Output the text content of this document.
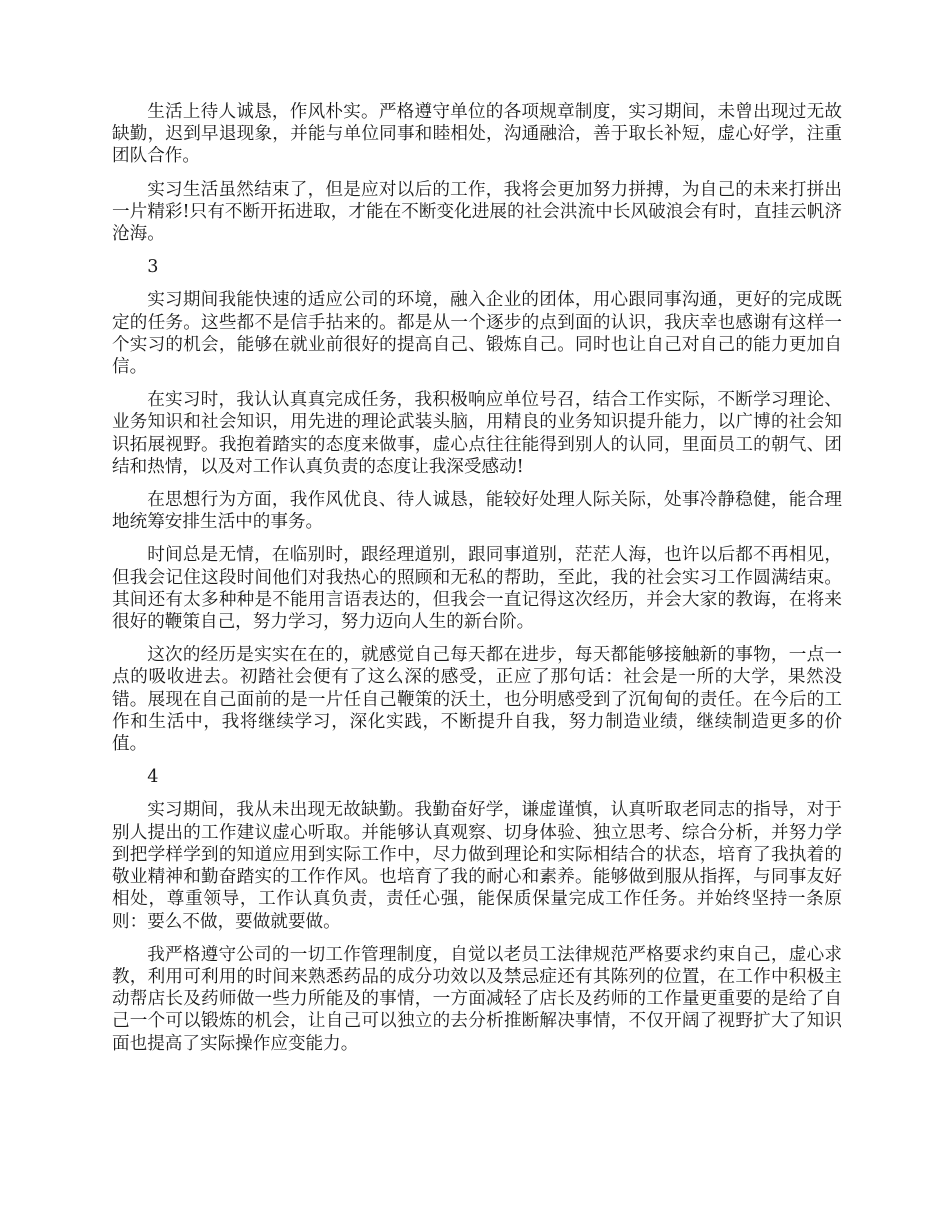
生活上待人诚恳，作风朴实。严格遵守单位的各项规章制度，实习期间，未曾出现过无故缺勤，迟到早退现象，并能与单位同事和睦相处，沟通融洽，善于取长补短，虚心好学，注重团队合作。

实习生活虽然结束了，但是应对以后的工作，我将会更加努力拼搏，为自己的未来打拼出一片精彩!只有不断开拓进取，才能在不断变化进展的社会洪流中长风破浪会有时，直挂云帆济沧海。

3

实习期间我能快速的适应公司的环境，融入企业的团体，用心跟同事沟通，更好的完成既定的任务。这些都不是信手拈来的。都是从一个逐步的点到面的认识，我庆幸也感谢有这样一个实习的机会，能够在就业前很好的提高自己、锻炼自己。同时也让自己对自己的能力更加自信。

在实习时，我认认真真完成任务，我积极响应单位号召，结合工作实际，不断学习理论、业务知识和社会知识，用先进的理论武装头脑，用精良的业务知识提升能力，以广博的社会知识拓展视野。我抱着踏实的态度来做事，虚心点往往能得到别人的认同，里面员工的朝气、团结和热情，以及对工作认真负责的态度让我深受感动!

在思想行为方面，我作风优良、待人诚恳，能较好处理人际关际，处事冷静稳健，能合理地统筹安排生活中的事务。

时间总是无情，在临别时，跟经理道别，跟同事道别，茫茫人海，也许以后都不再相见，但我会记住这段时间他们对我热心的照顾和无私的帮助，至此，我的社会实习工作圆满结束。其间还有太多种种是不能用言语表达的，但我会一直记得这次经历，并会大家的教诲，在将来很好的鞭策自己，努力学习，努力迈向人生的新台阶。

这次的经历是实实在在的，就感觉自己每天都在进步，每天都能够接触新的事物，一点一点的吸收进去。初踏社会便有了这么深的感受，正应了那句话：社会是一所的大学，果然没错。展现在自己面前的是一片任自己鞭策的沃土，也分明感受到了沉甸甸的责任。在今后的工作和生活中，我将继续学习，深化实践，不断提升自我，努力制造业绩，继续制造更多的价值。

4

实习期间，我从未出现无故缺勤。我勤奋好学，谦虚谨慎，认真听取老同志的指导，对于别人提出的工作建议虚心听取。并能够认真观察、切身体验、独立思考、综合分析，并努力学到把学样学到的知道应用到实际工作中，尽力做到理论和实际相结合的状态，培育了我执着的敬业精神和勤奋踏实的工作作风。也培育了我的耐心和素养。能够做到服从指挥，与同事友好相处，尊重领导，工作认真负责，责任心强，能保质保量完成工作任务。并始终坚持一条原则：要么不做，要做就要做。

我严格遵守公司的一切工作管理制度，自觉以老员工法律规范严格要求约束自己，虚心求教，利用可利用的时间来熟悉药品的成分功效以及禁忌症还有其陈列的位置，在工作中积极主动帮店长及药师做一些力所能及的事情，一方面减轻了店长及药师的工作量更重要的是给了自己一个可以锻炼的机会，让自己可以独立的去分析推断解决事情，不仅开阔了视野扩大了知识面也提高了实际操作应变能力。
